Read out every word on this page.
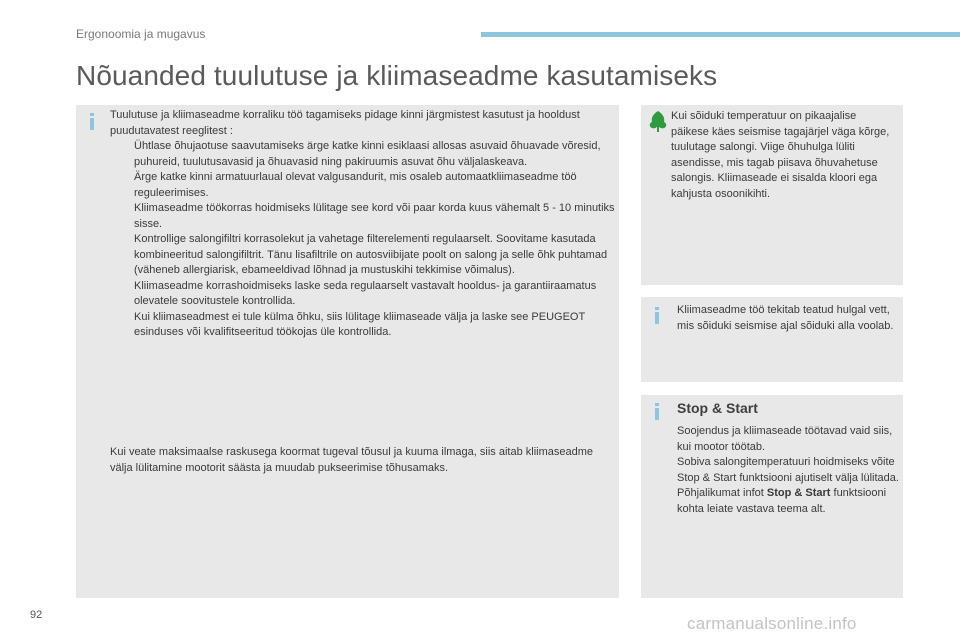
Ergonoomia ja mugavus
Nõuanded tuulutuse ja kliimaseadme kasutamiseks

Tuulutuse ja kliimaseadme korraliku töö tagamiseks pidage kinni järgmistest kasutust ja hooldust puudutavatest reeglitest :

Ühtlase õhujaotuse saavutamiseks ärge katke kinni esiklaasi allosas asuvaid õhuavade võresid, puhureid, tuulutusavasid ja õhuavasid ning pakiruumis asuvat õhu väljalaskeava.
Ärge katke kinni armatuurlaual olevat valgusandurit, mis osaleb automaatkliimaseadme töö reguleerimises.
Kliimaseadme töökorras hoidmiseks lülitage see kord või paar korda kuus vähemalt 5 - 10 minutiks sisse.
Kontrollige salongifiltri korrasolekut ja vahetage filterelementi regulaarselt. Soovitame kasutada kombineeritud salongifiltrit. Tänu lisafiltrile on autosviibijate poolt on salong ja selle õhk puhtamad (väheneb allergiarisk, ebameeldivad lõhnad ja mustuskihi tekkimise võimalus).
Kliimaseadme korrashoidmiseks laske seda regulaarselt vastavalt hooldus- ja garantiiraamatus olevatele soovitustele kontrollida.
Kui kliimaseadmest ei tule külma õhku, siis lülitage kliimaseade välja ja laske see PEUGEOT esinduses või kvalifitseeritud töökojas üle kontrollida.

Kui veate maksimaalse raskusega koormat tugeval tõusul ja kuuma ilmaga, siis aitab kliimaseadme välja lülitamine mootorit säästa ja muudab pukseerimise tõhusamaks.

Kui sõiduki temperatuur on pikaajalise päikese käes seismise tagajärjel väga kõrge, tuulutage salongi. Viige õhuhulga lüliti asendisse, mis tagab piisava õhuvahetuse salongis. Kliimaseade ei sisalda kloori ega kahjusta osoonikihti.

Kliimaseadme töö tekitab teatud hulgal vett, mis sõiduki seismise ajal sõiduki alla voolab.

Stop & Start

Soojendus ja kliimaseade töötavad vaid siis, kui mootor töötab.

Sobiva salongitemperatuuri hoidmiseks võite Stop & Start funktsiooni ajutiselt välja lülitada.

Põhjalikumat infot Stop & Start funktsiooni kohta leiate vastava teema alt.

92	carmanualsonline.info
